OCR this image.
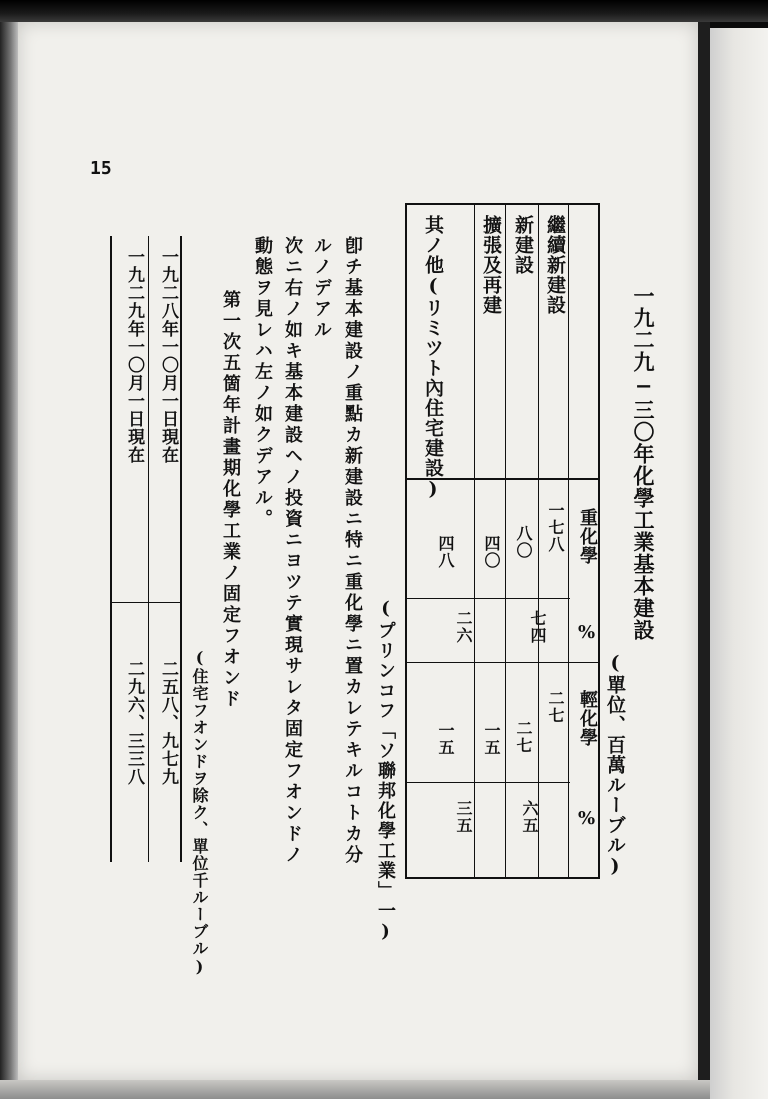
15
一九二九−三〇年化學工業基本建設
(單位、百萬ルーブル)
重化學
%
輕化學
%
繼續新建設
新建設
擴張及再建
其ノ他(リミツト內住宅建設)
一七八
八〇
四〇
四八
七四
二六
二七
二七
一五
一五
六五
三五
(プリンコフ「ソ聯邦化學工業」一)
卽チ基本建設ノ重點カ新建設ニ特ニ重化學ニ置カレテキルコトカ分
ルノデアル
次ニ右ノ如キ基本建設ヘノ投資ニヨツテ實現サレタ固定フオンドノ
動態ヲ見レハ左ノ如クデアル。
第一次五箇年計畫期化學工業ノ固定フオンド
(住宅フオンドヲ除ク、單位千ルーブル)
一九二八年一〇月一日現在
一九二九年一〇月一日現在
二五八、九七九
二九六、三三八
